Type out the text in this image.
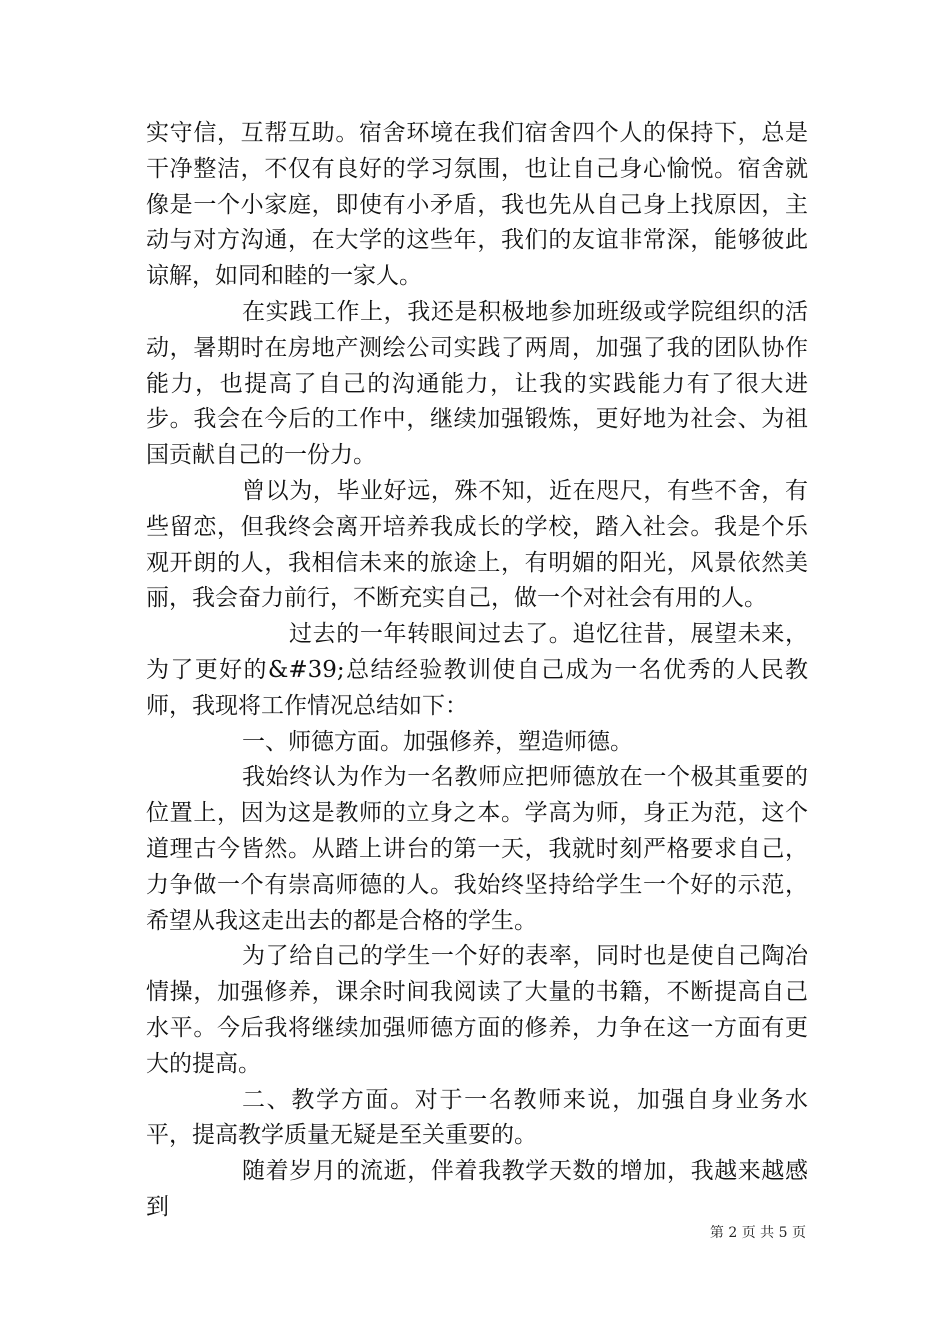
实守信，互帮互助。宿舍环境在我们宿舍四个人的保持下，总是干净整洁，不仅有良好的学习氛围，也让自己身心愉悦。宿舍就像是一个小家庭，即使有小矛盾，我也先从自己身上找原因，主动与对方沟通，在大学的这些年，我们的友谊非常深，能够彼此谅解，如同和睦的一家人。

在实践工作上，我还是积极地参加班级或学院组织的活动，暑期时在房地产测绘公司实践了两周，加强了我的团队协作能力，也提高了自己的沟通能力，让我的实践能力有了很大进步。我会在今后的工作中，继续加强锻炼，更好地为社会、为祖国贡献自己的一份力。

曾以为，毕业好远，殊不知，近在咫尺，有些不舍，有些留恋，但我终会离开培养我成长的学校，踏入社会。我是个乐观开朗的人，我相信未来的旅途上，有明媚的阳光，风景依然美丽，我会奋力前行，不断充实自己，做一个对社会有用的人。

过去的一年转眼间过去了。追忆往昔，展望未来，为了更好的&#39;总结经验教训使自己成为一名优秀的人民教师，我现将工作情况总结如下：

一、师德方面。加强修养，塑造师德。

我始终认为作为一名教师应把师德放在一个极其重要的位置上，因为这是教师的立身之本。学高为师，身正为范，这个道理古今皆然。从踏上讲台的第一天，我就时刻严格要求自己，力争做一个有崇高师德的人。我始终坚持给学生一个好的示范，希望从我这走出去的都是合格的学生。

为了给自己的学生一个好的表率，同时也是使自己陶冶情操，加强修养，课余时间我阅读了大量的书籍，不断提高自己水平。今后我将继续加强师德方面的修养，力争在这一方面有更大的提高。

二、教学方面。对于一名教师来说，加强自身业务水平，提高教学质量无疑是至关重要的。

随着岁月的流逝，伴着我教学天数的增加，我越来越感到

第 2 页 共 5 页
